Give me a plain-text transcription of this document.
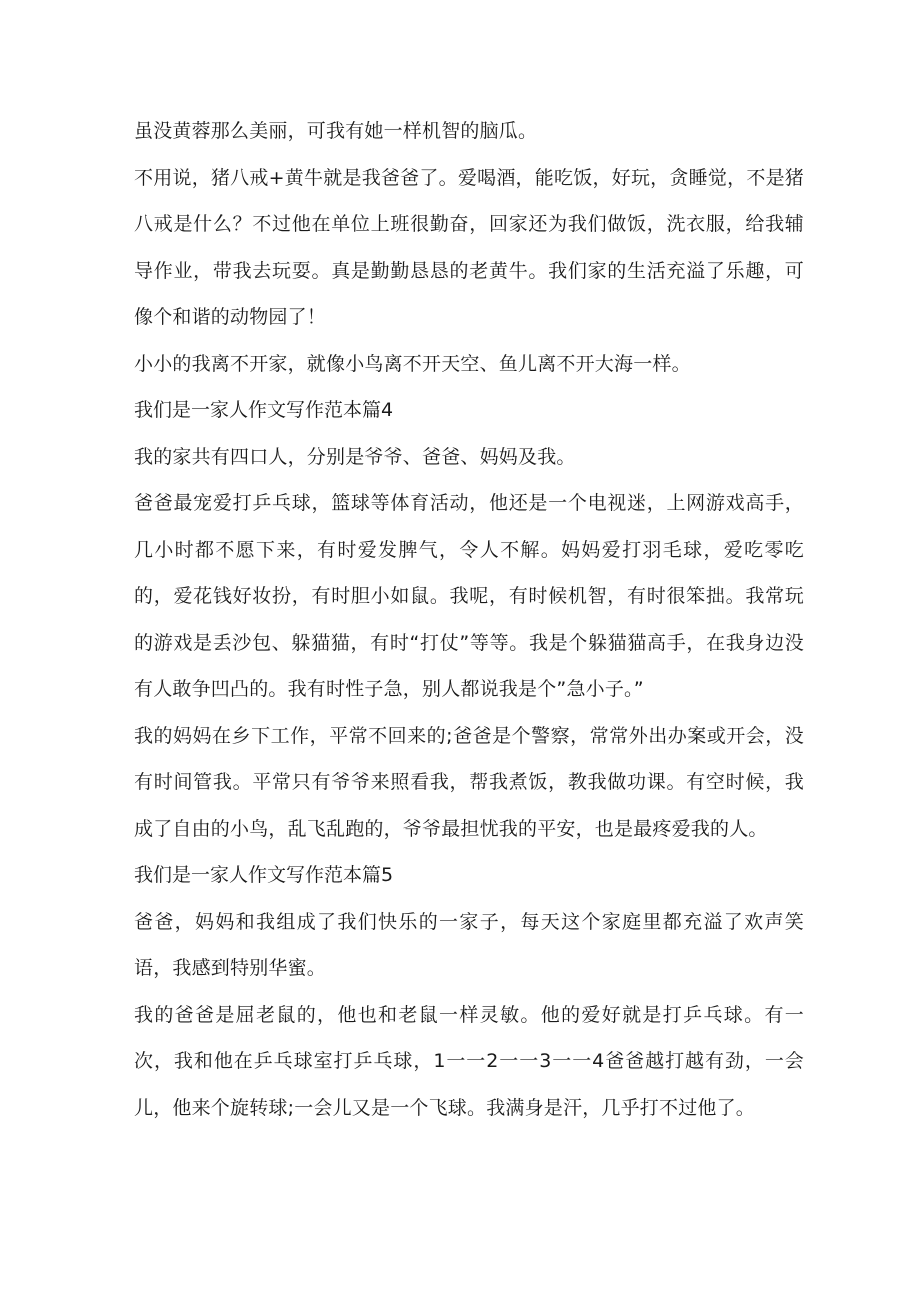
虽没黄蓉那么美丽，可我有她一样机智的脑瓜。

不用说，猪八戒+黄牛就是我爸爸了。爱喝酒，能吃饭，好玩，贪睡觉，不是猪八戒是什么？不过他在单位上班很勤奋，回家还为我们做饭，洗衣服，给我辅导作业，带我去玩耍。真是勤勤恳恳的老黄牛。我们家的生活充溢了乐趣，可像个和谐的动物园了！

小小的我离不开家，就像小鸟离不开天空、鱼儿离不开大海一样。

我们是一家人作文写作范本篇4

我的家共有四口人，分别是爷爷、爸爸、妈妈及我。

爸爸最宠爱打乒乓球，篮球等体育活动，他还是一个电视迷，上网游戏高手，几小时都不愿下来，有时爱发脾气，令人不解。妈妈爱打羽毛球，爱吃零吃的，爱花钱好妆扮，有时胆小如鼠。我呢，有时候机智，有时很笨拙。我常玩的游戏是丢沙包、躲猫猫，有时“打仗”等等。我是个躲猫猫高手，在我身边没有人敢争凹凸的。我有时性子急，别人都说我是个”急小子。”

我的妈妈在乡下工作，平常不回来的;爸爸是个警察，常常外出办案或开会，没有时间管我。平常只有爷爷来照看我，帮我煮饭，教我做功课。有空时候，我成了自由的小鸟，乱飞乱跑的，爷爷最担忧我的平安，也是最疼爱我的人。

我们是一家人作文写作范本篇5

爸爸，妈妈和我组成了我们快乐的一家子，每天这个家庭里都充溢了欢声笑语，我感到特别华蜜。

我的爸爸是屈老鼠的，他也和老鼠一样灵敏。他的爱好就是打乒乓球。有一次，我和他在乒乓球室打乒乓球，1一一2一一3一一4爸爸越打越有劲，一会儿，他来个旋转球;一会儿又是一个飞球。我满身是汗，几乎打不过他了。
